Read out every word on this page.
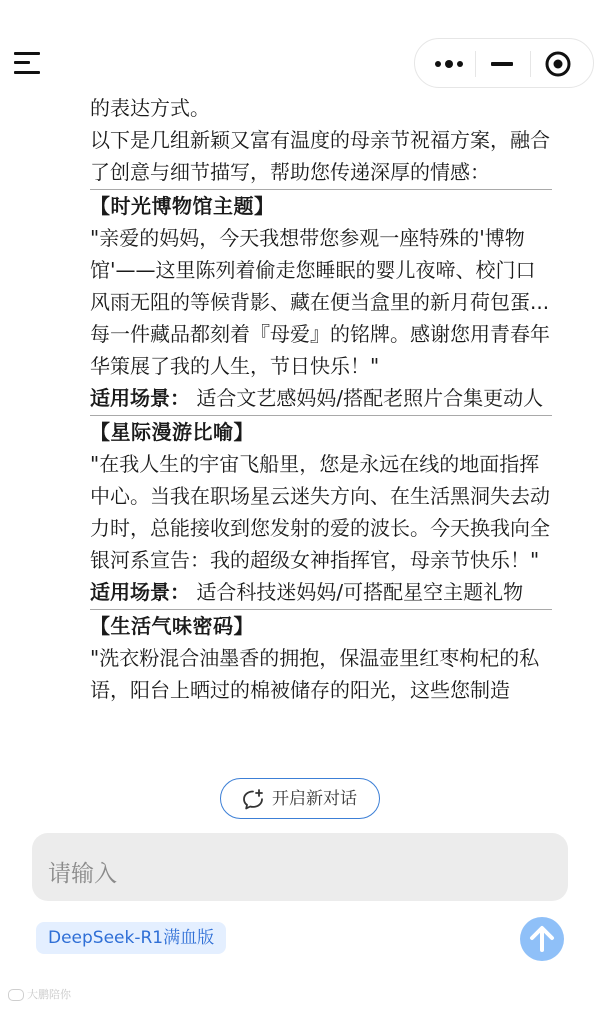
的表达方式。

以下是几组新颖又富有温度的母亲节祝福方案，融合了创意与细节描写，帮助您传递深厚的情感：

【时光博物馆主题】

"亲爱的妈妈，今天我想带您参观一座特殊的'博物馆'——这里陈列着偷走您睡眠的婴儿夜啼、校门口风雨无阻的等候背影、藏在便当盒里的新月荷包蛋...每一件藏品都刻着『母爱』的铭牌。感谢您用青春年华策展了我的人生，节日快乐！"

适用场景： 适合文艺感妈妈/搭配老照片合集更动人

【星际漫游比喻】

"在我人生的宇宙飞船里，您是永远在线的地面指挥中心。当我在职场星云迷失方向、在生活黑洞失去动力时，总能接收到您发射的爱的波长。今天换我向全银河系宣告：我的超级女神指挥官，母亲节快乐！"

适用场景： 适合科技迷妈妈/可搭配星空主题礼物

【生活气味密码】

"洗衣粉混合油墨香的拥抱，保温壶里红枣枸杞的私语，阳台上晒过的棉被储存的阳光，这些您制造

开启新对话
请输入
DeepSeek-R1满血版
大鹏陪你
